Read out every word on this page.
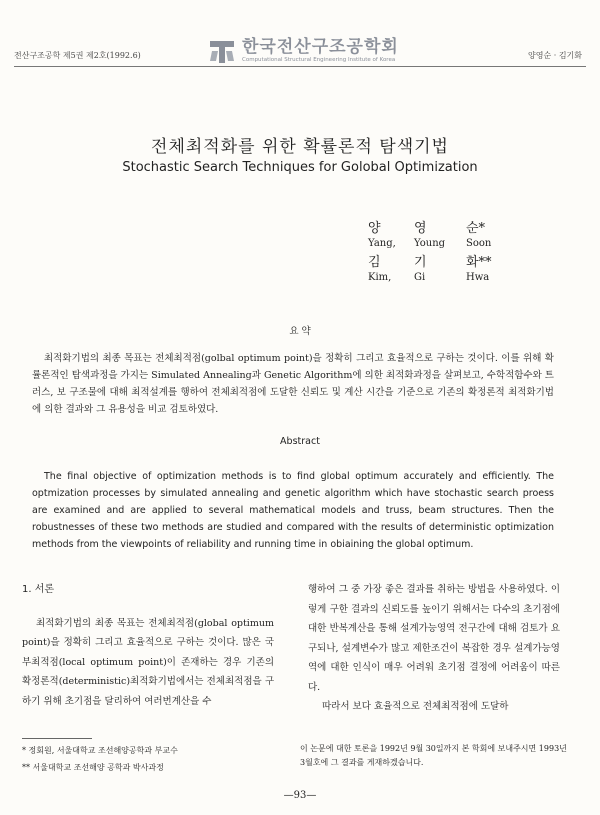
전산구조공학 제5권 제2호(1992.6)	한국전산구조공학회
Computational Structural Engineering Institute of Korea	양영순 · 김기화
전체최적화를 위한 확률론적 탐색기법
Stochastic Search Techniques for Golobal Optimization
양	영	순*
Yang,	Young	Soon
김	기	화**
Kim,	Gi	Hwa
요 약
최적화기법의 최종 목표는 전체최적점(golbal optimum point)을 정확히 그리고 효율적으로 구하는 것이다. 이를 위해 확률론적인 탐색과정을 가지는 Simulated Annealing과 Genetic Algorithm에 의한 최적화과정을 살펴보고, 수학적함수와 트러스, 보 구조물에 대해 최적설계를 행하여 전체최적점에 도달한 신뢰도 및 계산 시간을 기준으로 기존의 확정론적 최적화기법에 의한 결과와 그 유용성을 비교 검토하였다.
Abstract
The final objective of optimization methods is to find global optimum accurately and efficiently. The optmization processes by simulated annealing and genetic algorithm which have stochastic search proess are examined and are applied to several mathematical models and truss, beam structures. Then the robustnesses of these two methods are studied and compared with the results of deterministic optimization methods from the viewpoints of reliability and running time in obiaining the global optimum.
1. 서론

최적화기법의 최종 목표는 전체최적점(global optimum point)을 정확히 그리고 효율적으로 구하는 것이다. 많은 국부최적점(local optimum point)이 존재하는 경우 기존의 확정론적(deterministic)최적화기법에서는 전체최적점을 구하기 위해 초기점을 달리하여 여러번계산을 수

행하여 그 중 가장 좋은 결과를 취하는 방법을 사용하였다. 이렇게 구한 결과의 신뢰도를 높이기 위해서는 다수의 초기점에 대한 반복계산을 통해 설계가능영역 전구간에 대해 검토가 요구되나, 설계변수가 많고 제한조건이 복잡한 경우 설계가능영역에 대한 인식이 매우 어려워 초기점 결정에 어려움이 따른다.

따라서 보다 효율적으로 전체최적점에 도달하

* 정회원, 서울대학교 조선해양공학과 부교수
** 서울대학교 조선해양 공학과 박사과정
이 논문에 대한 토론을 1992년 9월 30일까지 본 학회에 보내주시면 1993년 3월호에 그 결과를 게재하겠습니다.
—93—
